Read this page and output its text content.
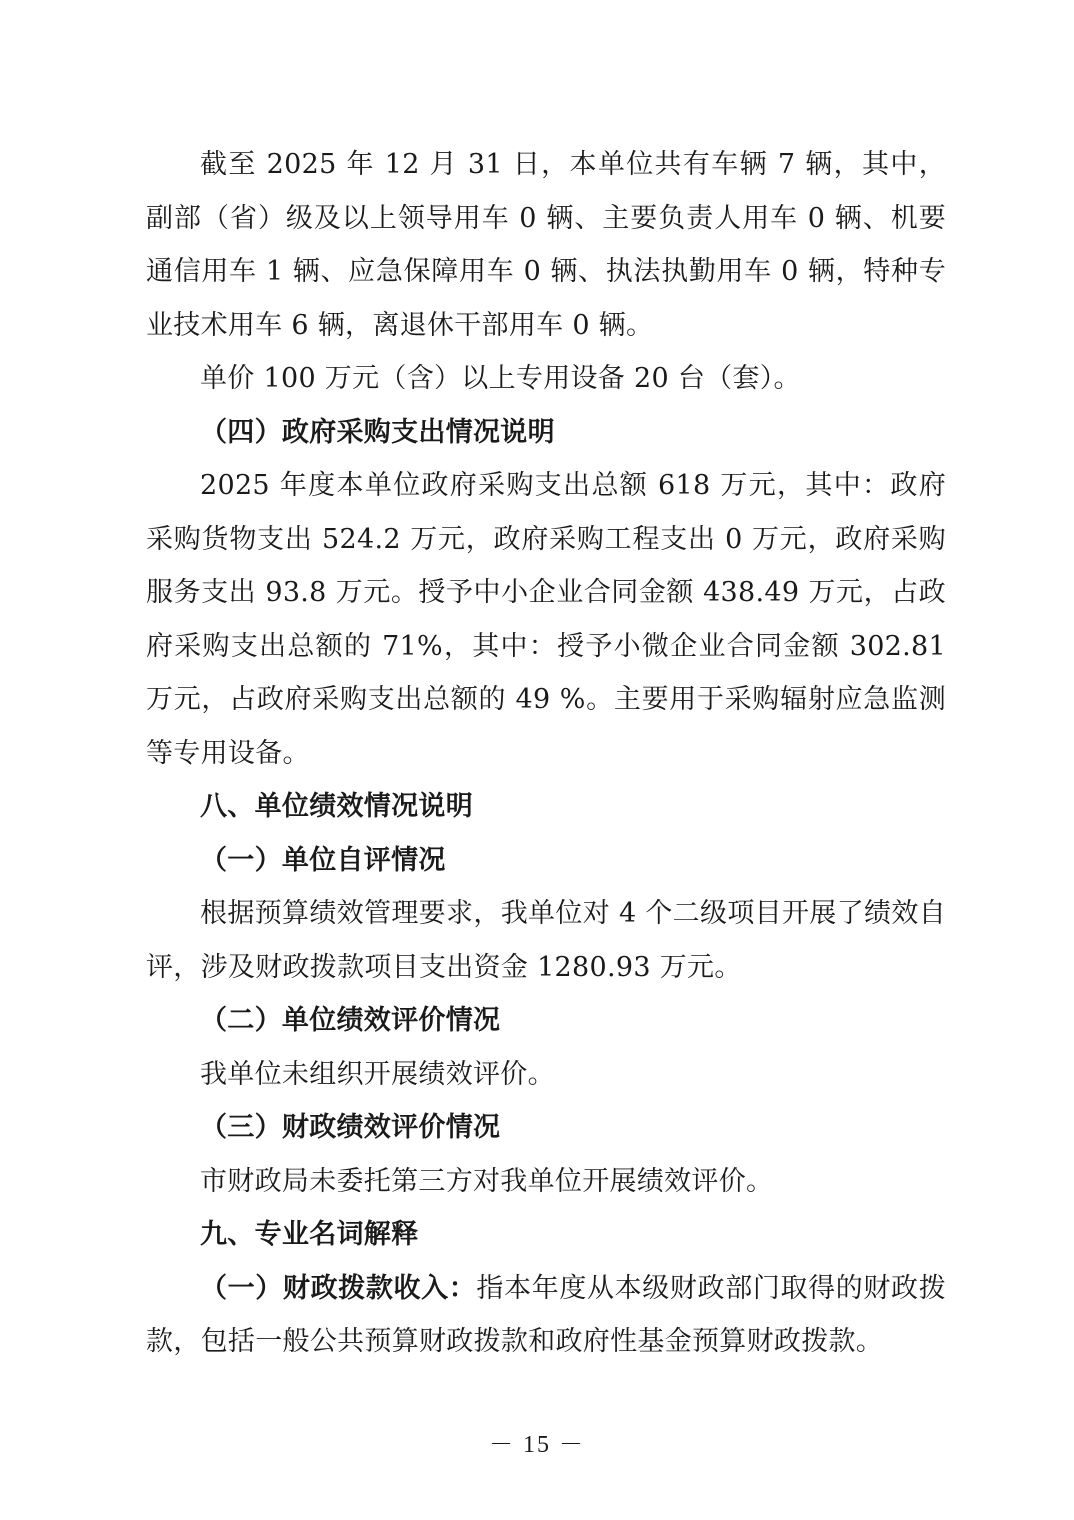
截至 2025 年 12 月 31 日，本单位共有车辆 7 辆，其中，副部（省）级及以上领导用车 0 辆、主要负责人用车 0 辆、机要通信用车 1 辆、应急保障用车 0 辆、执法执勤用车 0 辆，特种专业技术用车 6 辆，离退休干部用车 0 辆。

单价 100 万元（含）以上专用设备 20 台（套）。

（四）政府采购支出情况说明

2025 年度本单位政府采购支出总额 618 万元，其中：政府采购货物支出 524.2 万元，政府采购工程支出 0 万元，政府采购服务支出 93.8 万元。授予中小企业合同金额 438.49 万元，占政府采购支出总额的 71%，其中：授予小微企业合同金额 302.81 万元，占政府采购支出总额的 49 %。主要用于采购辐射应急监测等专用设备。

八、单位绩效情况说明

（一）单位自评情况

根据预算绩效管理要求，我单位对 4 个二级项目开展了绩效自评，涉及财政拨款项目支出资金 1280.93 万元。

（二）单位绩效评价情况

我单位未组织开展绩效评价。

（三）财政绩效评价情况

市财政局未委托第三方对我单位开展绩效评价。

九、专业名词解释

（一）财政拨款收入：指本年度从本级财政部门取得的财政拨款，包括一般公共预算财政拨款和政府性基金预算财政拨款。

－ 15 －
